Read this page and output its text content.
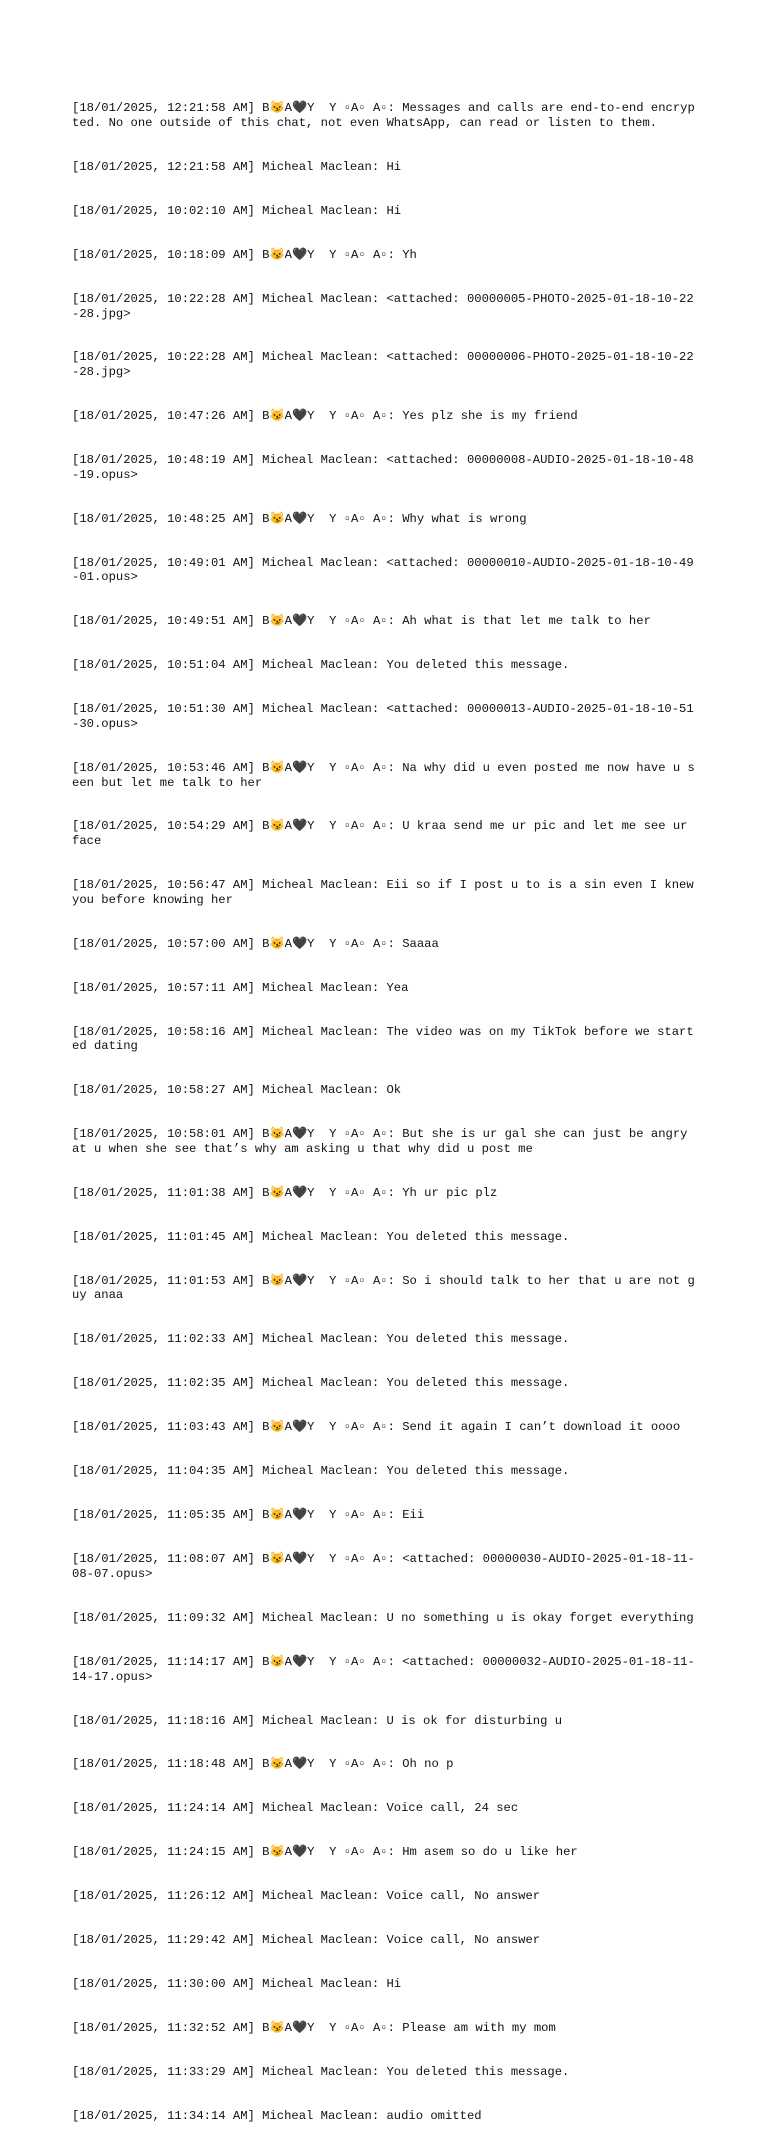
[18/01/2025, 12:21:58 AM] B😼A🖤Y  Y ▫A▫ A▫: Messages and calls are end-to-end encrypted. No one outside of this chat, not even WhatsApp, can read or listen to them.

[18/01/2025, 12:21:58 AM] Micheal Maclean: Hi

[18/01/2025, 10:02:10 AM] Micheal Maclean: Hi

[18/01/2025, 10:18:09 AM] B😼A🖤Y  Y ▫A▫ A▫: Yh

[18/01/2025, 10:22:28 AM] Micheal Maclean: <attached: 00000005-PHOTO-2025-01-18-10-22-28.jpg>

[18/01/2025, 10:22:28 AM] Micheal Maclean: <attached: 00000006-PHOTO-2025-01-18-10-22-28.jpg>

[18/01/2025, 10:47:26 AM] B😼A🖤Y  Y ▫A▫ A▫: Yes plz she is my friend

[18/01/2025, 10:48:19 AM] Micheal Maclean: <attached: 00000008-AUDIO-2025-01-18-10-48-19.opus>

[18/01/2025, 10:48:25 AM] B😼A🖤Y  Y ▫A▫ A▫: Why what is wrong

[18/01/2025, 10:49:01 AM] Micheal Maclean: <attached: 00000010-AUDIO-2025-01-18-10-49-01.opus>

[18/01/2025, 10:49:51 AM] B😼A🖤Y  Y ▫A▫ A▫: Ah what is that let me talk to her

[18/01/2025, 10:51:04 AM] Micheal Maclean: You deleted this message.

[18/01/2025, 10:51:30 AM] Micheal Maclean: <attached: 00000013-AUDIO-2025-01-18-10-51-30.opus>

[18/01/2025, 10:53:46 AM] B😼A🖤Y  Y ▫A▫ A▫: Na why did u even posted me now have u seen but let me talk to her

[18/01/2025, 10:54:29 AM] B😼A🖤Y  Y ▫A▫ A▫: U kraa send me ur pic and let me see ur face

[18/01/2025, 10:56:47 AM] Micheal Maclean: Eii so if I post u to is a sin even I knew you before knowing her

[18/01/2025, 10:57:00 AM] B😼A🖤Y  Y ▫A▫ A▫: Saaaa

[18/01/2025, 10:57:11 AM] Micheal Maclean: Yea

[18/01/2025, 10:58:16 AM] Micheal Maclean: The video was on my TikTok before we started dating

[18/01/2025, 10:58:27 AM] Micheal Maclean: Ok

[18/01/2025, 10:58:01 AM] B😼A🖤Y  Y ▫A▫ A▫: But she is ur gal she can just be angry at u when she see that’s why am asking u that why did u post me

[18/01/2025, 11:01:38 AM] B😼A🖤Y  Y ▫A▫ A▫: Yh ur pic plz

[18/01/2025, 11:01:45 AM] Micheal Maclean: You deleted this message.

[18/01/2025, 11:01:53 AM] B😼A🖤Y  Y ▫A▫ A▫: So i should talk to her that u are not guy anaa

[18/01/2025, 11:02:33 AM] Micheal Maclean: You deleted this message.

[18/01/2025, 11:02:35 AM] Micheal Maclean: You deleted this message.

[18/01/2025, 11:03:43 AM] B😼A🖤Y  Y ▫A▫ A▫: Send it again I can’t download it oooo

[18/01/2025, 11:04:35 AM] Micheal Maclean: You deleted this message.

[18/01/2025, 11:05:35 AM] B😼A🖤Y  Y ▫A▫ A▫: Eii

[18/01/2025, 11:08:07 AM] B😼A🖤Y  Y ▫A▫ A▫: <attached: 00000030-AUDIO-2025-01-18-11-08-07.opus>

[18/01/2025, 11:09:32 AM] Micheal Maclean: U no something u is okay forget everything

[18/01/2025, 11:14:17 AM] B😼A🖤Y  Y ▫A▫ A▫: <attached: 00000032-AUDIO-2025-01-18-11-14-17.opus>

[18/01/2025, 11:18:16 AM] Micheal Maclean: U is ok for disturbing u

[18/01/2025, 11:18:48 AM] B😼A🖤Y  Y ▫A▫ A▫: Oh no p

[18/01/2025, 11:24:14 AM] Micheal Maclean: Voice call, 24 sec

[18/01/2025, 11:24:15 AM] B😼A🖤Y  Y ▫A▫ A▫: Hm asem so do u like her

[18/01/2025, 11:26:12 AM] Micheal Maclean: Voice call, No answer

[18/01/2025, 11:29:42 AM] Micheal Maclean: Voice call, No answer

[18/01/2025, 11:30:00 AM] Micheal Maclean: Hi

[18/01/2025, 11:32:52 AM] B😼A🖤Y  Y ▫A▫ A▫: Please am with my mom

[18/01/2025, 11:33:29 AM] Micheal Maclean: You deleted this message.

[18/01/2025, 11:34:14 AM] Micheal Maclean: audio omitted
